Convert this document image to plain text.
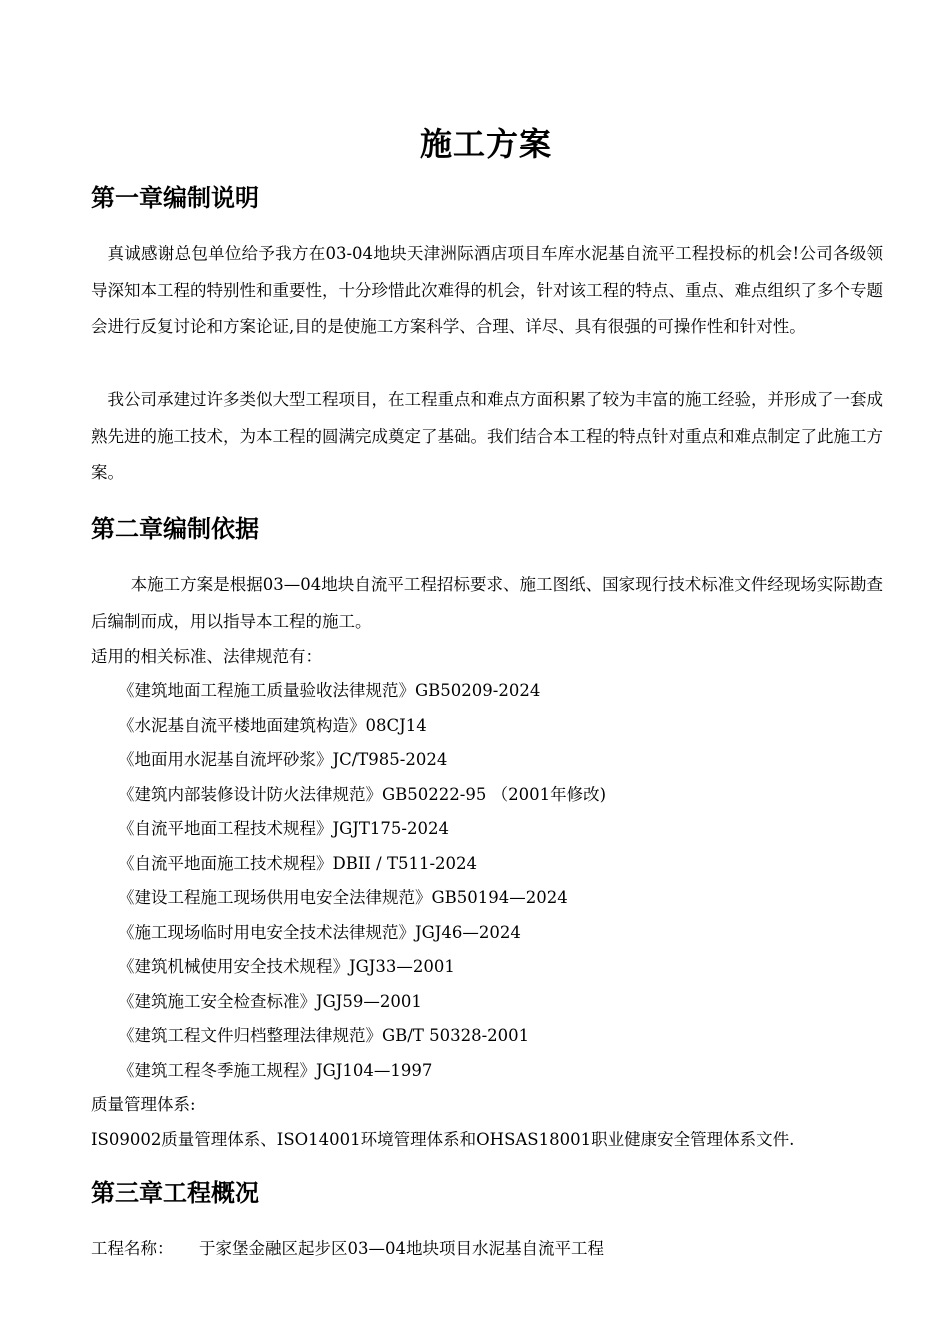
施工方案
第一章编制说明
真诚感谢总包单位给予我方在03-04地块天津洲际酒店项目车库水泥基自流平工程投标的机会!公司各级领导深知本工程的特别性和重要性，十分珍惜此次难得的机会，针对该工程的特点、重点、难点组织了多个专题会进行反复讨论和方案论证,目的是使施工方案科学、合理、详尽、具有很强的可操作性和针对性。
我公司承建过许多类似大型工程项目，在工程重点和难点方面积累了较为丰富的施工经验，并形成了一套成熟先进的施工技术，为本工程的圆满完成奠定了基础。我们结合本工程的特点针对重点和难点制定了此施工方案。
第二章编制依据
本施工方案是根据03—04地块自流平工程招标要求、施工图纸、国家现行技术标准文件经现场实际勘查后编制而成，用以指导本工程的施工。
适用的相关标准、法律规范有：
《建筑地面工程施工质量验收法律规范》GB50209-2024
《水泥基自流平楼地面建筑构造》08CJ14
《地面用水泥基自流坪砂浆》JC/T985-2024
《建筑内部装修设计防火法律规范》GB50222-95 （2001年修改)
《自流平地面工程技术规程》JGJT175-2024
《自流平地面施工技术规程》DBII / T511-2024
《建设工程施工现场供用电安全法律规范》GB50194—2024
《施工现场临时用电安全技术法律规范》JGJ46—2024
《建筑机械使用安全技术规程》JGJ33—2001
《建筑施工安全检查标准》JGJ59—2001
《建筑工程文件归档整理法律规范》GB/T 50328-2001
《建筑工程冬季施工规程》JGJ104—1997
质量管理体系:
IS09002质量管理体系、ISO14001环境管理体系和OHSAS18001职业健康安全管理体系文件.
第三章工程概况
工程名称： 于家堡金融区起步区03—04地块项目水泥基自流平工程
